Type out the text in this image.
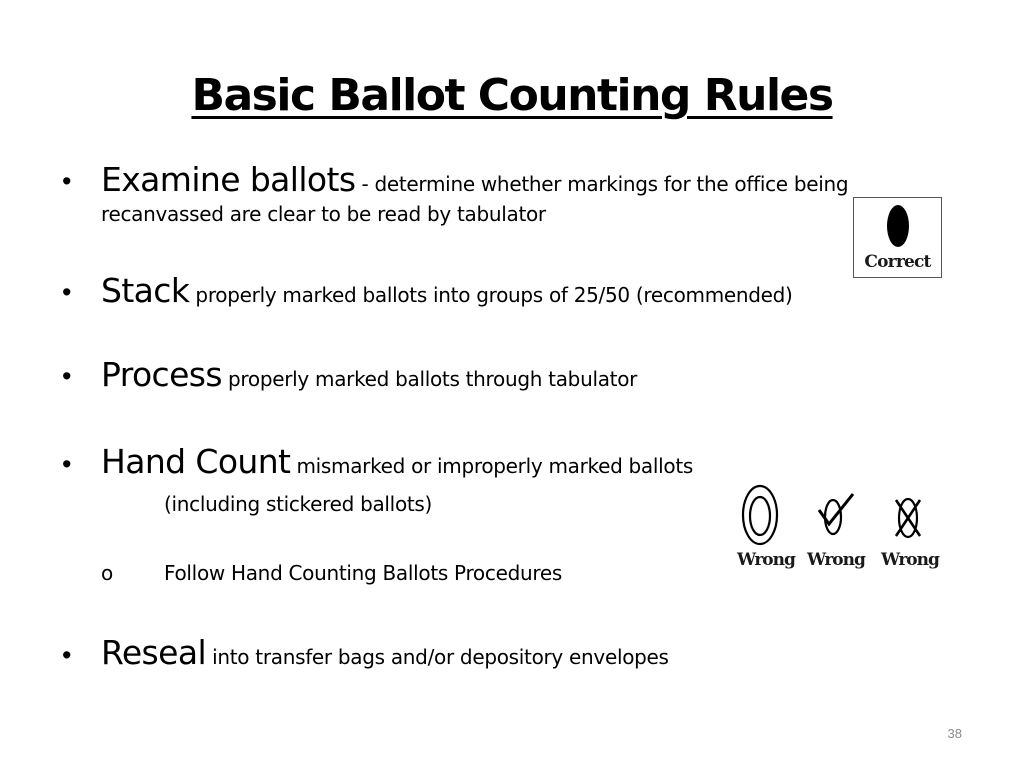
Basic Ballot Counting Rules
• Examine ballots - determine whether markings for the office being
recanvassed are clear to be read by tabulator
• Stack properly marked ballots into groups of 25/50 (recommended)
• Process properly marked ballots through tabulator
• Hand Count mismarked or improperly marked ballots
(including stickered ballots)
o	Follow Hand Counting Ballots Procedures
• Reseal into transfer bags and/or depository envelopes
Correct
Wrong Wrong Wrong
38
